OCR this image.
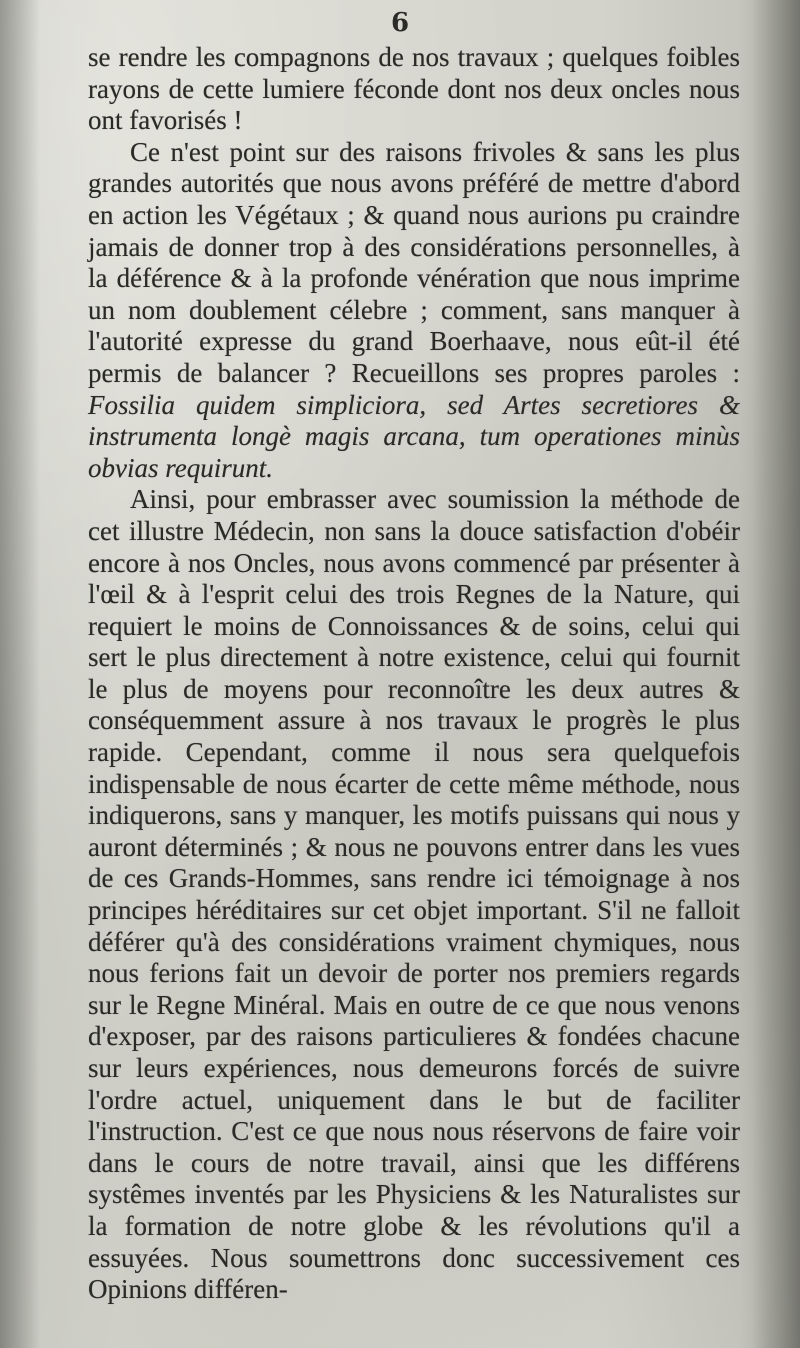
6

se rendre les compagnons de nos travaux ; quelques foibles rayons de cette lumiere féconde dont nos deux oncles nous ont favorisés !

Ce n'est point sur des raisons frivoles & sans les plus grandes autorités que nous avons préféré de mettre d'abord en action les Végétaux ; & quand nous aurions pu craindre jamais de donner trop à des considérations personnelles, à la déférence & à la profonde vénération que nous imprime un nom doublement célebre ; comment, sans manquer à l'autorité expresse du grand Boerhaave, nous eût-il été permis de balancer ? Recueillons ses propres paroles : Fossilia quidem simpliciora, sed Artes secretiores & instrumenta longè magis arcana, tum operationes minùs obvias requirunt.

Ainsi, pour embrasser avec soumission la méthode de cet illustre Médecin, non sans la douce satisfaction d'obéir encore à nos Oncles, nous avons commencé par présenter à l'œil & à l'esprit celui des trois Regnes de la Nature, qui requiert le moins de Connoissances & de soins, celui qui sert le plus directement à notre existence, celui qui fournit le plus de moyens pour reconnoître les deux autres & conséquemment assure à nos travaux le progrès le plus rapide. Cependant, comme il nous sera quelquefois indispensable de nous écarter de cette même méthode, nous indiquerons, sans y manquer, les motifs puissans qui nous y auront déterminés ; & nous ne pouvons entrer dans les vues de ces Grands-Hommes, sans rendre ici témoignage à nos principes héréditaires sur cet objet important. S'il ne falloit déférer qu'à des considérations vraiment chymiques, nous nous ferions fait un devoir de porter nos premiers regards sur le Regne Minéral. Mais en outre de ce que nous venons d'exposer, par des raisons particulieres & fondées chacune sur leurs expériences, nous demeurons forcés de suivre l'ordre actuel, uniquement dans le but de faciliter l'instruction. C'est ce que nous nous réservons de faire voir dans le cours de notre travail, ainsi que les différens systêmes inventés par les Physiciens & les Naturalistes sur la formation de notre globe & les révolutions qu'il a essuyées. Nous soumettrons donc successivement ces Opinions différen-
